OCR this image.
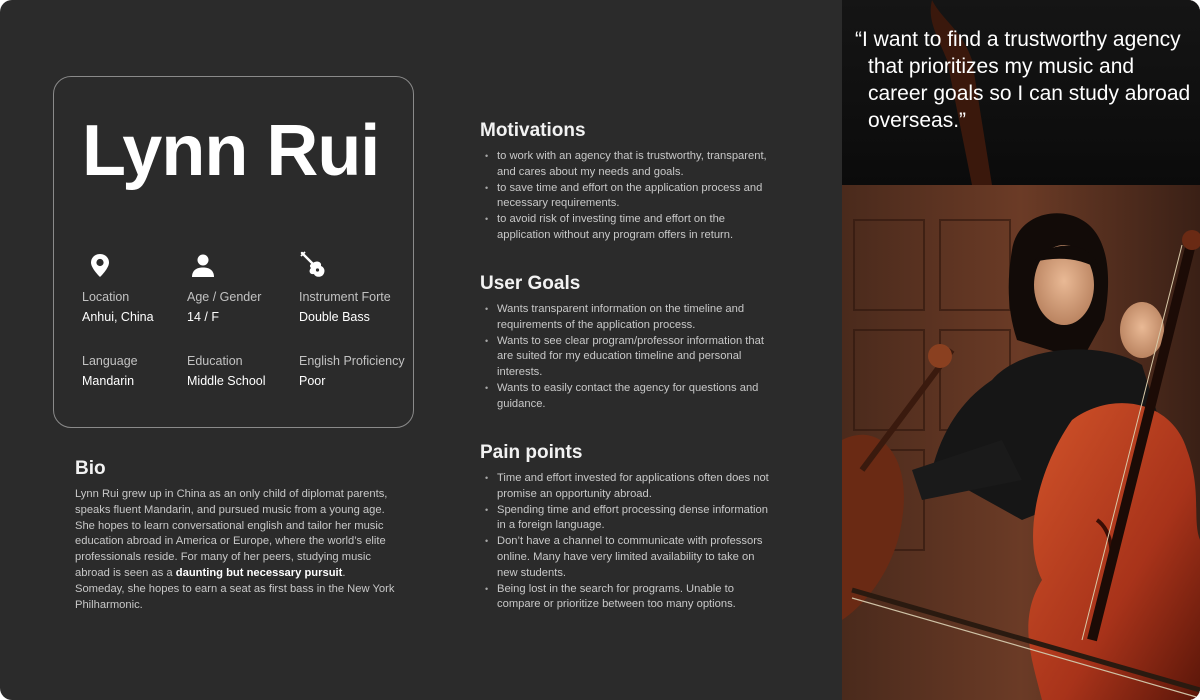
Lynn Rui
Location
Anhui, China
Age / Gender
14 / F
Instrument Forte
Double Bass
Language
Mandarin
Education
Middle School
English Proficiency
Poor
Bio

Lynn Rui grew up in China as an only child of diplomat parents, speaks fluent Mandarin, and pursued music from a young age. She hopes to learn conversational english and tailor her music education abroad in America or Europe, where the world’s elite professionals reside. For many of her peers, studying music abroad is seen as a daunting but necessary pursuit. Someday, she hopes to earn a seat as first bass in the New York Philharmonic.

Motivations
• to work with an agency that is trustworthy, transparent, and cares about my needs and goals.
• to save time and effort on the application process and necessary requirements.
• to avoid risk of investing time and effort on the application without any program offers in return.
User Goals
• Wants transparent information on the timeline and requirements of the application process.
• Wants to see clear program/professor information that are suited for my education timeline and personal interests.
• Wants to easily contact the agency for questions and guidance.
Pain points
• Time and effort invested for applications often does not promise an opportunity abroad.
• Spending time and effort processing dense information in a foreign language.
• Don’t have a channel to communicate with professors online. Many have very limited availability to take on new students.
• Being lost in the search for programs. Unable to compare or prioritize between too many options.
“I want to find a trustworthy agency that prioritizes my music and career goals so I can study abroad overseas.”
